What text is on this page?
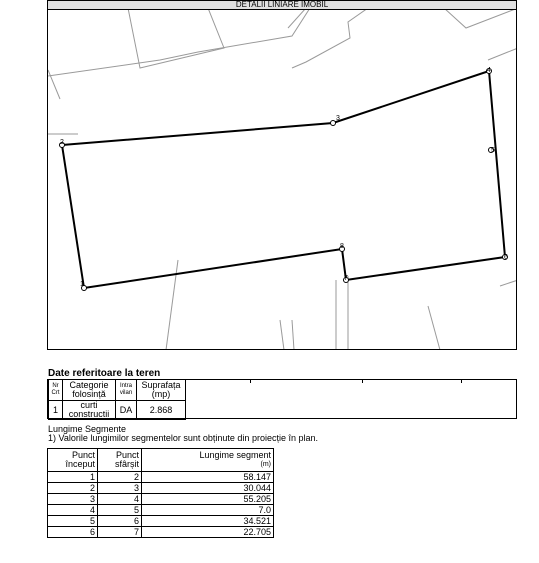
DETALII LINIARE IMOBIL
1
2
3
4
5
6
7
8
Date referitoare la teren
Nr Crt	Categorie folosință	Intra vilan	Suprafața (mp)
1	curti constructii	DA	2.868
Lungime Segmente
1) Valorile lungimilor segmentelor sunt obținute din proiecție în plan.
Punct început	Punct sfârșit	Lungime segment
(m)

1	2	58.147
2	3	30.044
3	4	55.205
4	5	7.0
5	6	34.521
6	7	22.705
